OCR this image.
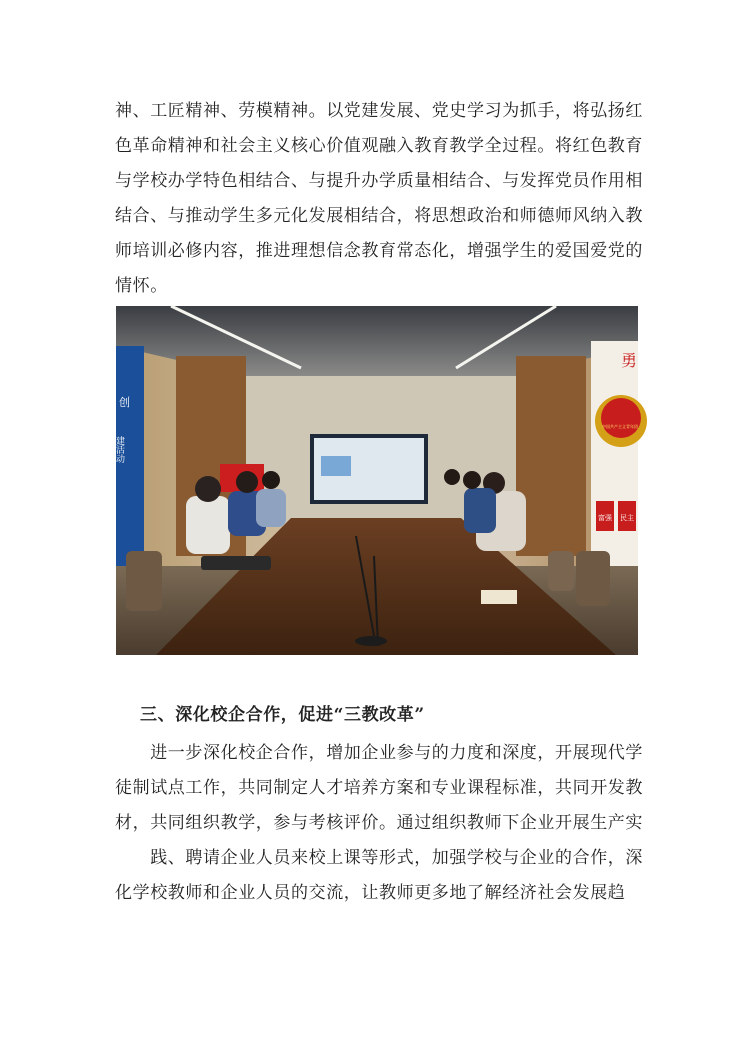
神、工匠精神、劳模精神。以党建发展、党史学习为抓手，将弘扬红
色革命精神和社会主义核心价值观融入教育教学全过程。将红色教育
与学校办学特色相结合、与提升办学质量相结合、与发挥党员作用相
结合、与推动学生多元化发展相结合，将思想政治和师德师风纳入教
师培训必修内容，推进理想信念教育常态化，增强学生的爱国爱党的
情怀。
创
建活动
勇
中国共产主义青年团
富强 民主
三、深化校企合作，促进“三教改革”
　　进一步深化校企合作，增加企业参与的力度和深度，开展现代学
徒制试点工作，共同制定人才培养方案和专业课程标准，共同开发教
材，共同组织教学，参与考核评价。通过组织教师下企业开展生产实
　　践、聘请企业人员来校上课等形式，加强学校与企业的合作，深
化学校教师和企业人员的交流，让教师更多地了解经济社会发展趋
